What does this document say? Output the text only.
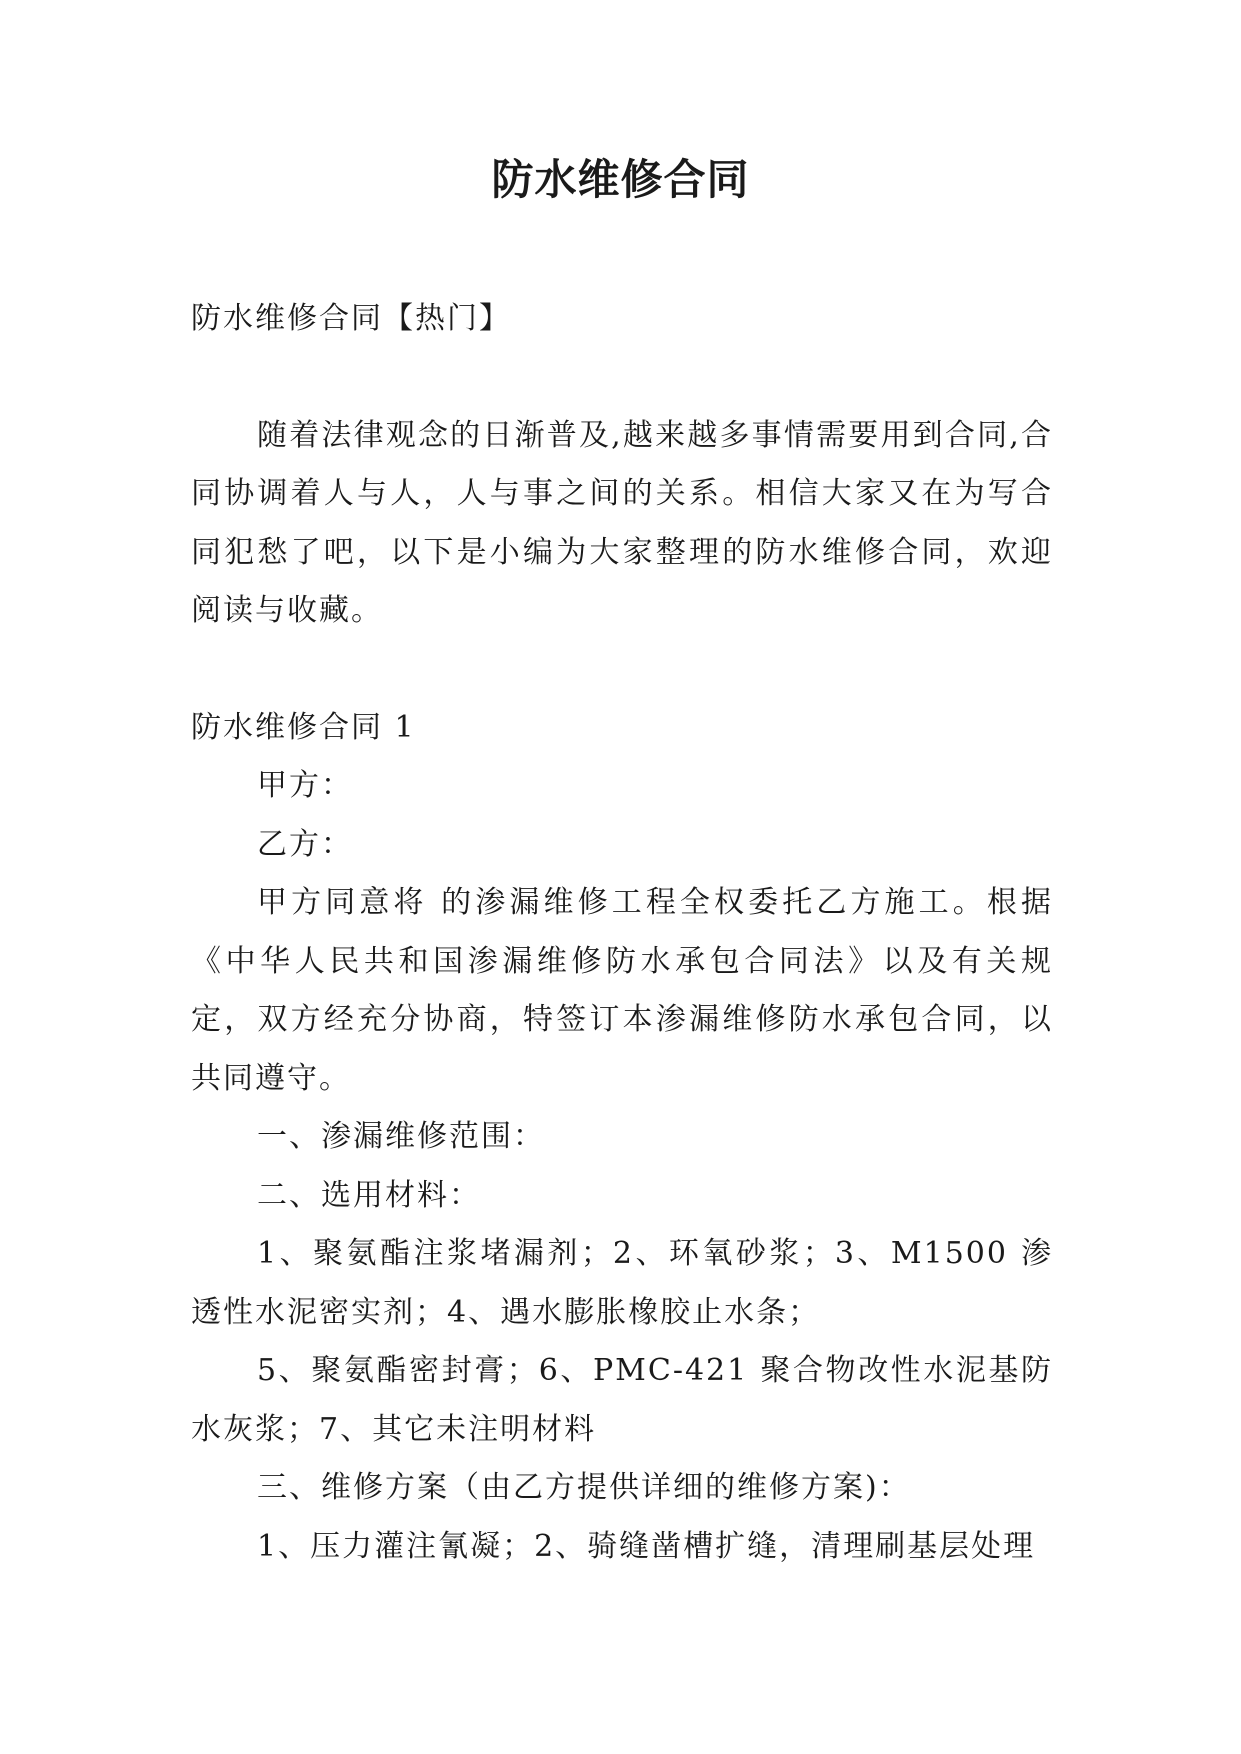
防水维修合同

防水维修合同【热门】

随着法律观念的日渐普及,越来越多事情需要用到合同,合同协调着人与人，人与事之间的关系。相信大家又在为写合同犯愁了吧，以下是小编为大家整理的防水维修合同，欢迎阅读与收藏。

防水维修合同 1

甲方：

乙方：

甲方同意将 的渗漏维修工程全权委托乙方施工。根据《中华人民共和国渗漏维修防水承包合同法》以及有关规定，双方经充分协商，特签订本渗漏维修防水承包合同，以共同遵守。

一、渗漏维修范围：

二、选用材料：

1、聚氨酯注浆堵漏剂；2、环氧砂浆；3、M1500 渗透性水泥密实剂；4、遇水膨胀橡胶止水条；

5、聚氨酯密封膏；6、PMC-421 聚合物改性水泥基防水灰浆；7、其它未注明材料

三、维修方案（由乙方提供详细的维修方案)：

1、压力灌注氰凝；2、骑缝凿槽扩缝，清理刷基层处理
